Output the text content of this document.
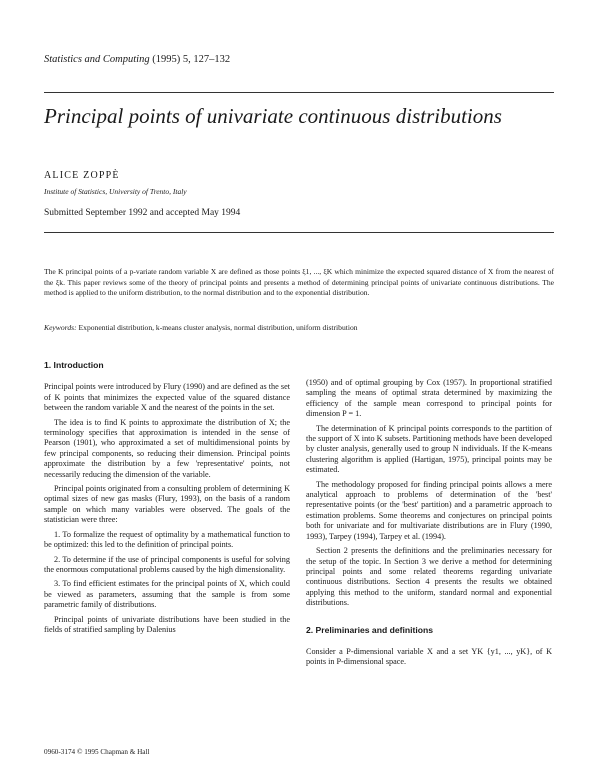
Statistics and Computing (1995) 5, 127–132
Principal points of univariate continuous distributions
ALICE ZOPPÈ
Institute of Statistics, University of Trento, Italy
Submitted September 1992 and accepted May 1994
The K principal points of a p-variate random variable X are defined as those points ξ1, ..., ξK which minimize the expected squared distance of X from the nearest of the ξk. This paper reviews some of the theory of principal points and presents a method of determining principal points of univariate continuous distributions. The method is applied to the uniform distribution, to the normal distribution and to the exponential distribution.
Keywords: Exponential distribution, k-means cluster analysis, normal distribution, uniform distribution
1. Introduction

Principal points were introduced by Flury (1990) and are defined as the set of K points that minimizes the expected value of the squared distance between the random variable X and the nearest of the points in the set.

The idea is to find K points to approximate the distribution of X; the terminology specifies that approximation is intended in the sense of Pearson (1901), who approximated a set of multidimensional points by few principal components, so reducing their dimension. Principal points approximate the distribution by a few 'representative' points, not necessarily reducing the dimension of the variable.

Principal points originated from a consulting problem of determining K optimal sizes of new gas masks (Flury, 1993), on the basis of a random sample on which many variables were observed. The goals of the statistician were three:

1. To formalize the request of optimality by a mathematical function to be optimized: this led to the definition of principal points.

2. To determine if the use of principal components is useful for solving the enormous computational problems caused by the high dimensionality.

3. To find efficient estimates for the principal points of X, which could be viewed as parameters, assuming that the sample is from some parametric family of distributions.

Principal points of univariate distributions have been studied in the fields of stratified sampling by Dalenius

(1950) and of optimal grouping by Cox (1957). In proportional stratified sampling the means of optimal strata determined by maximizing the efficiency of the sample mean correspond to principal points for dimension P = 1.

The determination of K principal points corresponds to the partition of the support of X into K subsets. Partitioning methods have been developed by cluster analysis, generally used to group N individuals. If the K-means clustering algorithm is applied (Hartigan, 1975), principal points may be estimated.

The methodology proposed for finding principal points allows a mere analytical approach to problems of determination of the 'best' representative points (or the 'best' partition) and a parametric approach to estimation problems. Some theorems and conjectures on principal points both for univariate and for multivariate distributions are in Flury (1990, 1993), Tarpey (1994), Tarpey et al. (1994).

Section 2 presents the definitions and the preliminaries necessary for the setup of the topic. In Section 3 we derive a method for determining principal points and some related theorems regarding univariate continuous distributions. Section 4 presents the results we obtained applying this method to the uniform, standard normal and exponential distributions.

2. Preliminaries and definitions

Consider a P-dimensional variable X and a set YK {y1, ..., yK}, of K points in P-dimensional space.

0960-3174 © 1995 Chapman & Hall
